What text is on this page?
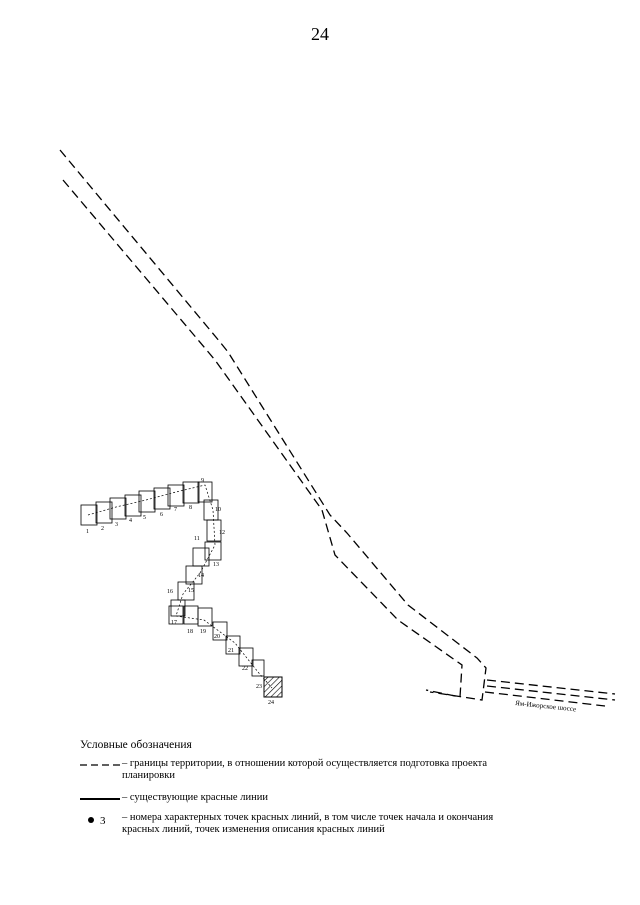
24
Ям-Ижорское шоссе
1 2
3
4 5 6
7 8
9
10
11
12
13
14
15
16
17
18 19
20
21
22
23
24
Условные обозначения
– границы территории, в отношении которой осуществляется подготовка проекта планировки
– существующие красные линии
3 – номера характерных точек красных линий, в том числе точек начала и окончания красных линий, точек изменения описания красных линий
